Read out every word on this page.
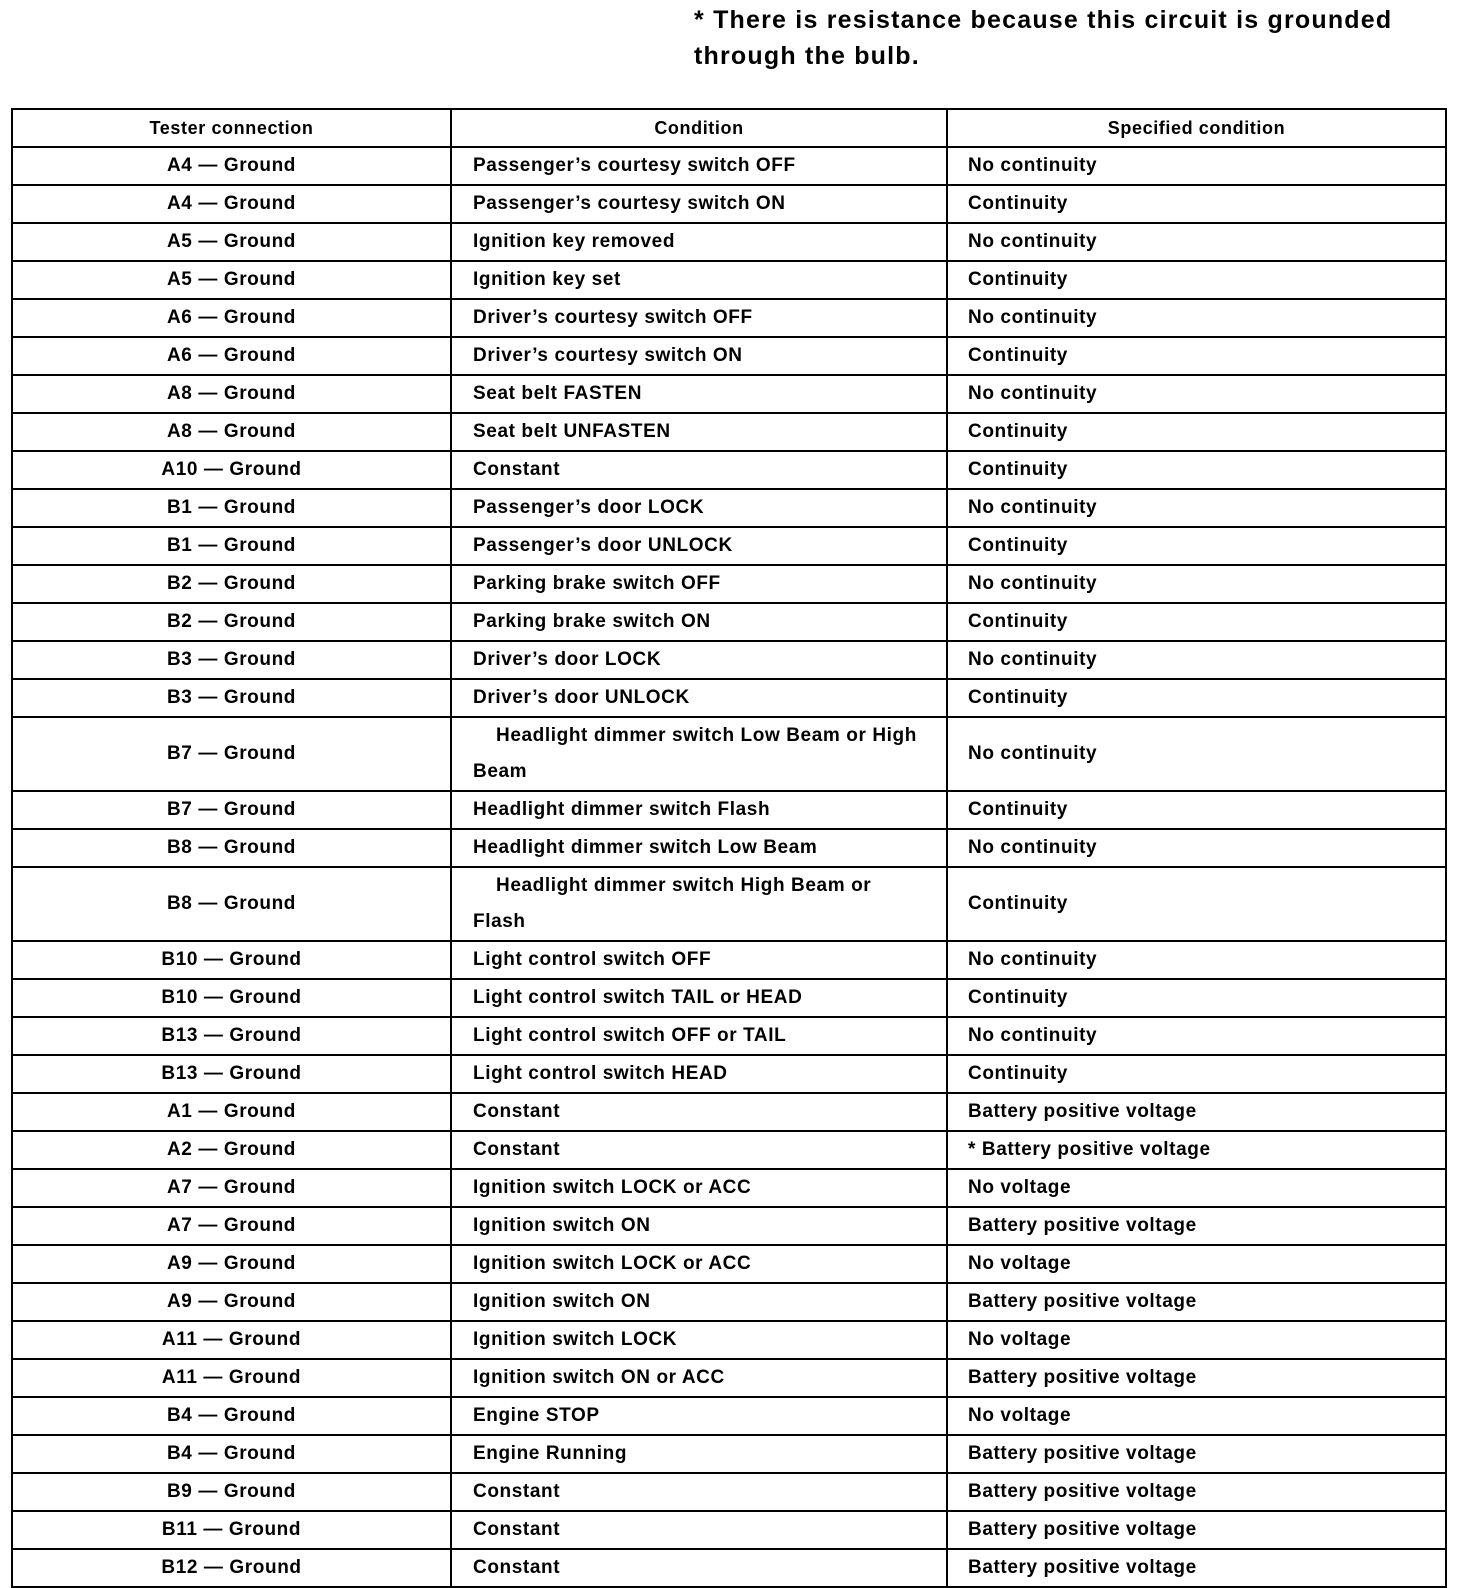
* There is resistance because this circuit is grounded
through the bulb.
Tester connection	Condition	Specified condition
A4 — Ground	Passenger’s courtesy switch OFF	No continuity
A4 — Ground	Passenger’s courtesy switch ON	Continuity
A5 — Ground	Ignition key removed	No continuity
A5 — Ground	Ignition key set	Continuity
A6 — Ground	Driver’s courtesy switch OFF	No continuity
A6 — Ground	Driver’s courtesy switch ON	Continuity
A8 — Ground	Seat belt FASTEN	No continuity
A8 — Ground	Seat belt UNFASTEN	Continuity
A10 — Ground	Constant	Continuity
B1 — Ground	Passenger’s door LOCK	No continuity
B1 — Ground	Passenger’s door UNLOCK	Continuity
B2 — Ground	Parking brake switch OFF	No continuity
B2 — Ground	Parking brake switch ON	Continuity
B3 — Ground	Driver’s door LOCK	No continuity
B3 — Ground	Driver’s door UNLOCK	Continuity
B7 — Ground	Headlight dimmer switch Low Beam or High Beam	No continuity
B7 — Ground	Headlight dimmer switch Flash	Continuity
B8 — Ground	Headlight dimmer switch Low Beam	No continuity
B8 — Ground	Headlight dimmer switch High Beam or Flash	Continuity
B10 — Ground	Light control switch OFF	No continuity
B10 — Ground	Light control switch TAIL or HEAD	Continuity
B13 — Ground	Light control switch OFF or TAIL	No continuity
B13 — Ground	Light control switch HEAD	Continuity
A1 — Ground	Constant	Battery positive voltage
A2 — Ground	Constant	* Battery positive voltage
A7 — Ground	Ignition switch LOCK or ACC	No voltage
A7 — Ground	Ignition switch ON	Battery positive voltage
A9 — Ground	Ignition switch LOCK or ACC	No voltage
A9 — Ground	Ignition switch ON	Battery positive voltage
A11 — Ground	Ignition switch LOCK	No voltage
A11 — Ground	Ignition switch ON or ACC	Battery positive voltage
B4 — Ground	Engine STOP	No voltage
B4 — Ground	Engine Running	Battery positive voltage
B9 — Ground	Constant	Battery positive voltage
B11 — Ground	Constant	Battery positive voltage
B12 — Ground	Constant	Battery positive voltage
